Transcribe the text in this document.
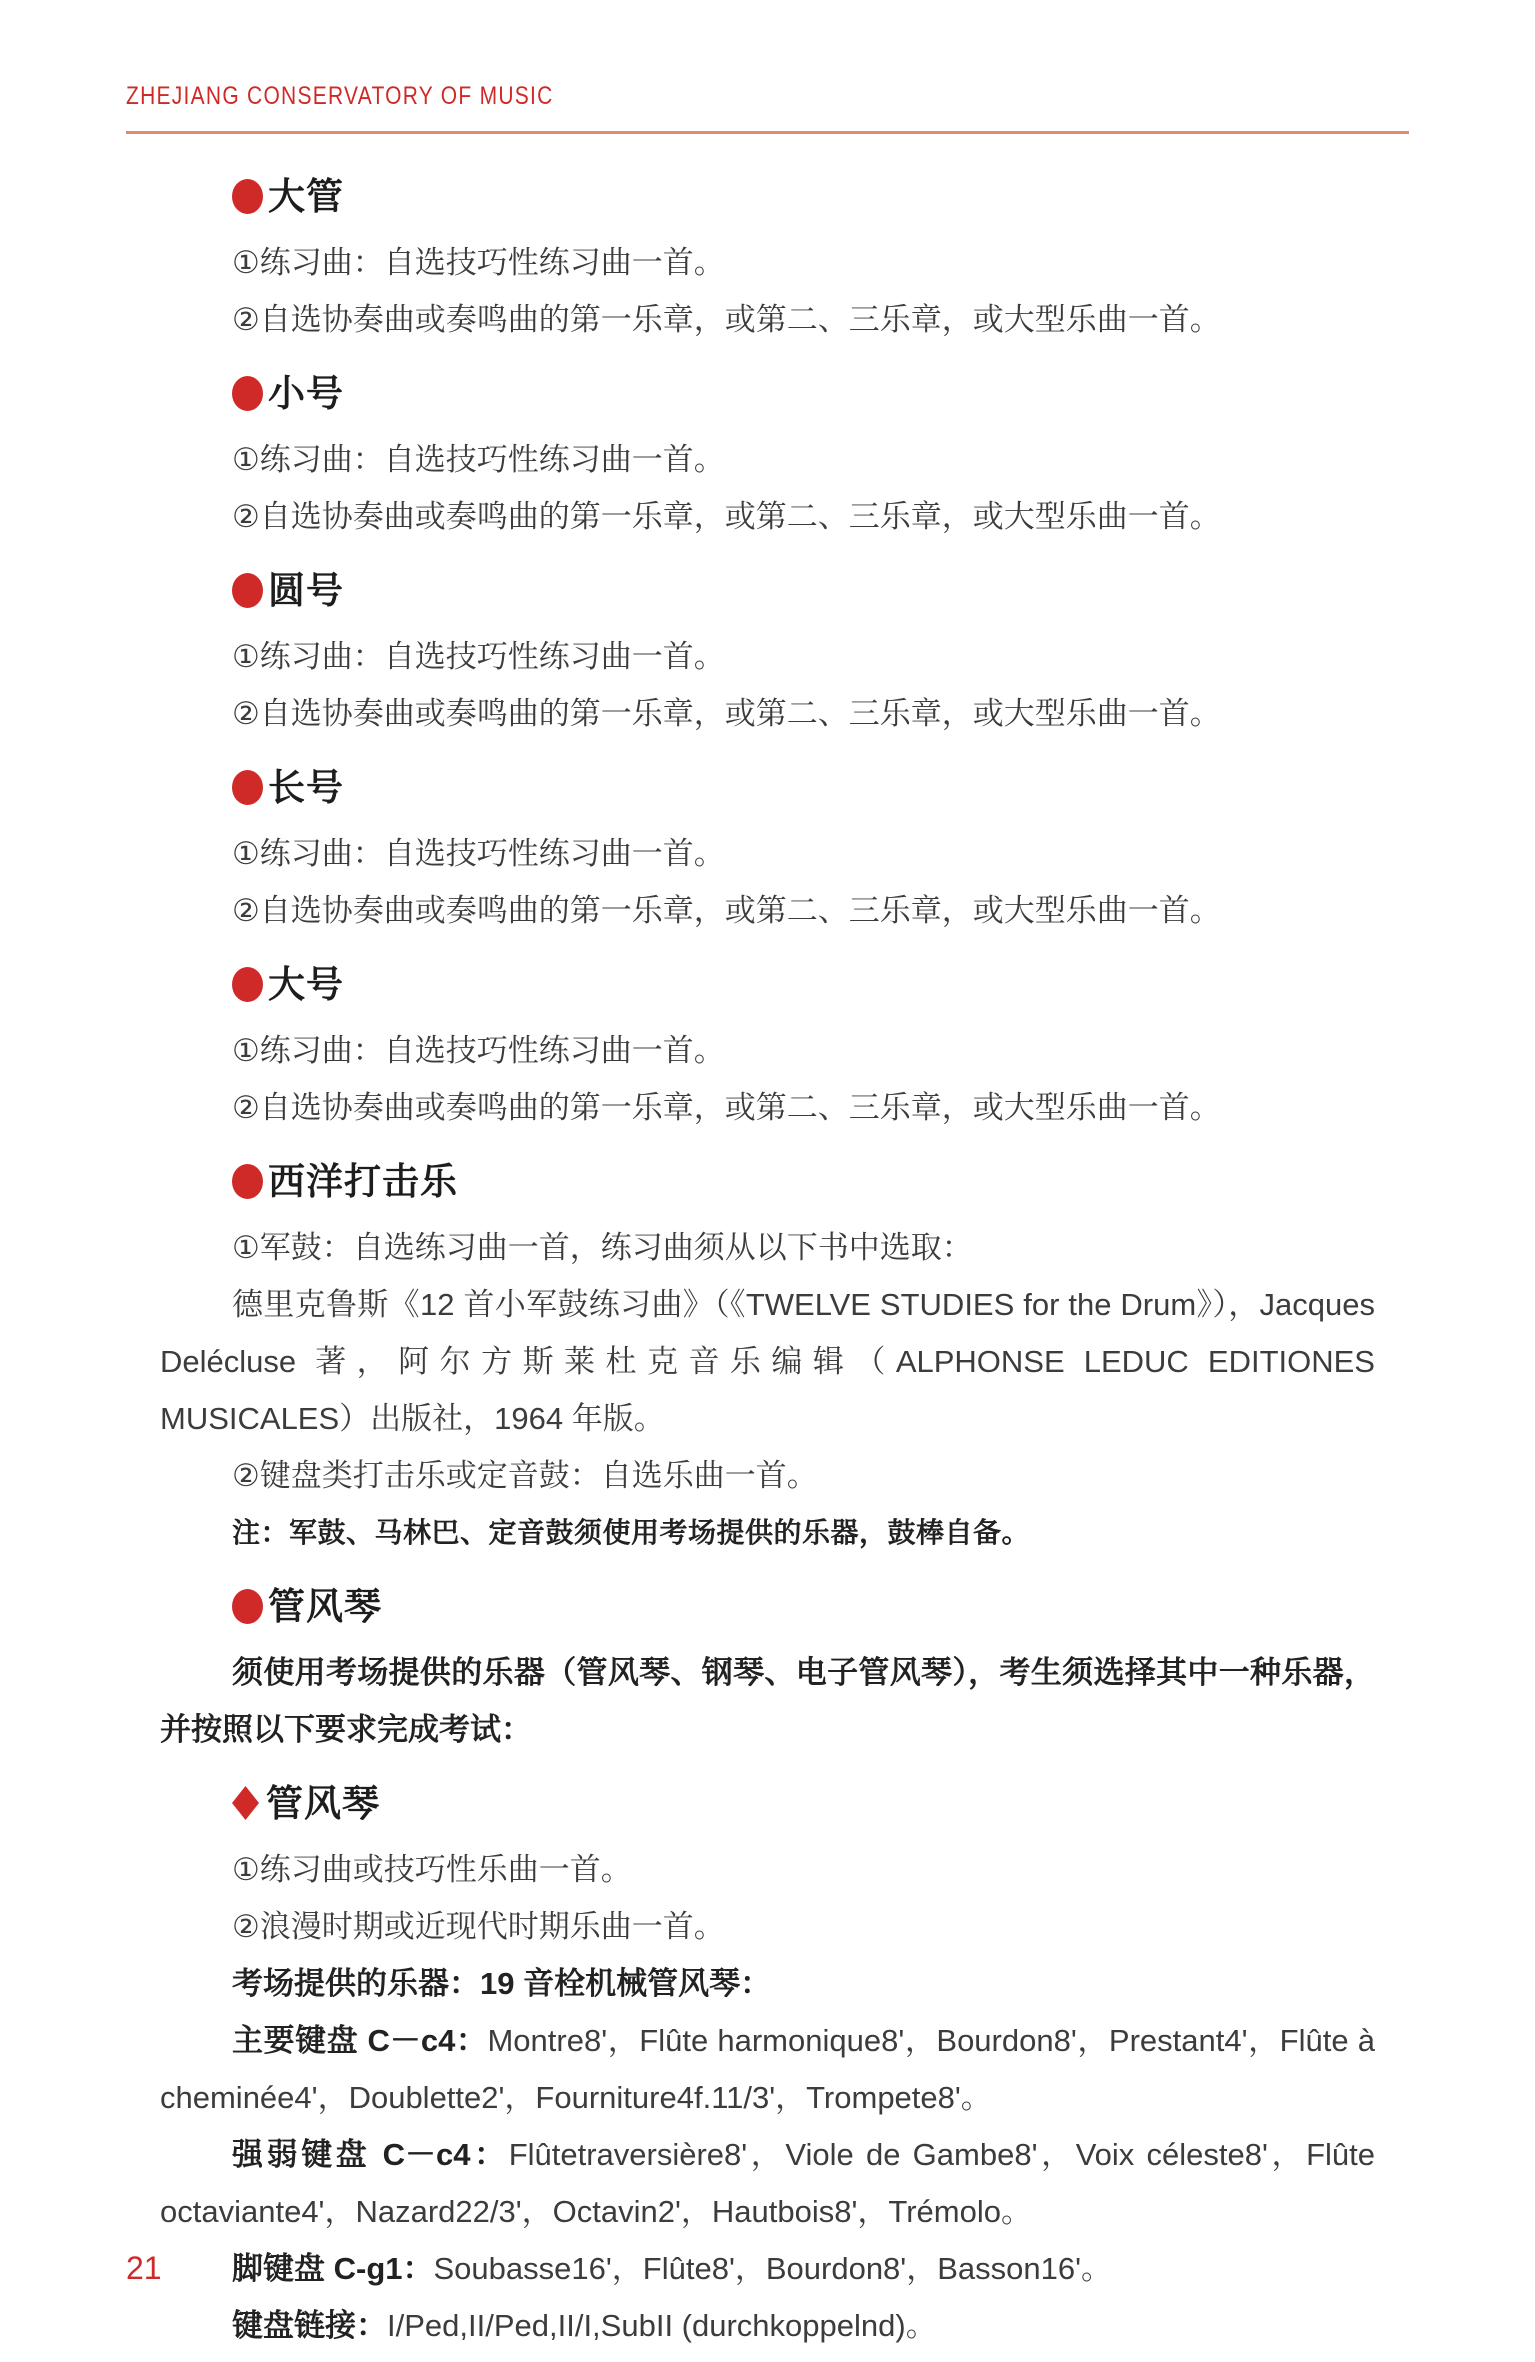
ZHEJIANG CONSERVATORY OF MUSIC
大管

①练习曲：自选技巧性练习曲一首。

②自选协奏曲或奏鸣曲的第一乐章，或第二、三乐章，或大型乐曲一首。

小号

①练习曲：自选技巧性练习曲一首。

②自选协奏曲或奏鸣曲的第一乐章，或第二、三乐章，或大型乐曲一首。

圆号

①练习曲：自选技巧性练习曲一首。

②自选协奏曲或奏鸣曲的第一乐章，或第二、三乐章，或大型乐曲一首。

长号

①练习曲：自选技巧性练习曲一首。

②自选协奏曲或奏鸣曲的第一乐章，或第二、三乐章，或大型乐曲一首。

大号

①练习曲：自选技巧性练习曲一首。

②自选协奏曲或奏鸣曲的第一乐章，或第二、三乐章，或大型乐曲一首。

西洋打击乐

①军鼓：自选练习曲一首，练习曲须从以下书中选取：

德里克鲁斯《12 首小军鼓练习曲》（《TWELVE STUDIES for the Drum》），Jacques Delécluse 著，阿尔方斯莱杜克音乐编辑（ALPHONSE LEDUC EDITIONES MUSICALES）出版社，1964 年版。

②键盘类打击乐或定音鼓：自选乐曲一首。

注：军鼓、马林巴、定音鼓须使用考场提供的乐器，鼓棒自备。

管风琴

须使用考场提供的乐器（管风琴、钢琴、电子管风琴），考生须选择其中一种乐器，并按照以下要求完成考试：

管风琴

①练习曲或技巧性乐曲一首。

②浪漫时期或近现代时期乐曲一首。

考场提供的乐器：19 音栓机械管风琴：

主要键盘 C－c4：Montre8'，Flûte harmonique8'，Bourdon8'，Prestant4'，Flûte à cheminée4'，Doublette2'，Fourniture4f.11/3'，Trompete8'。

强弱键盘 C－c4：Flûtetraversière8'，Viole de Gambe8'，Voix céleste8'，Flûte octaviante4'，Nazard22/3'，Octavin2'，Hautbois8'，Trémolo。

脚键盘 C-g1：Soubasse16'，Flûte8'，Bourdon8'，Basson16'。

键盘链接：I/Ped,II/Ped,II/I,SubII (durchkoppelnd)。

21
